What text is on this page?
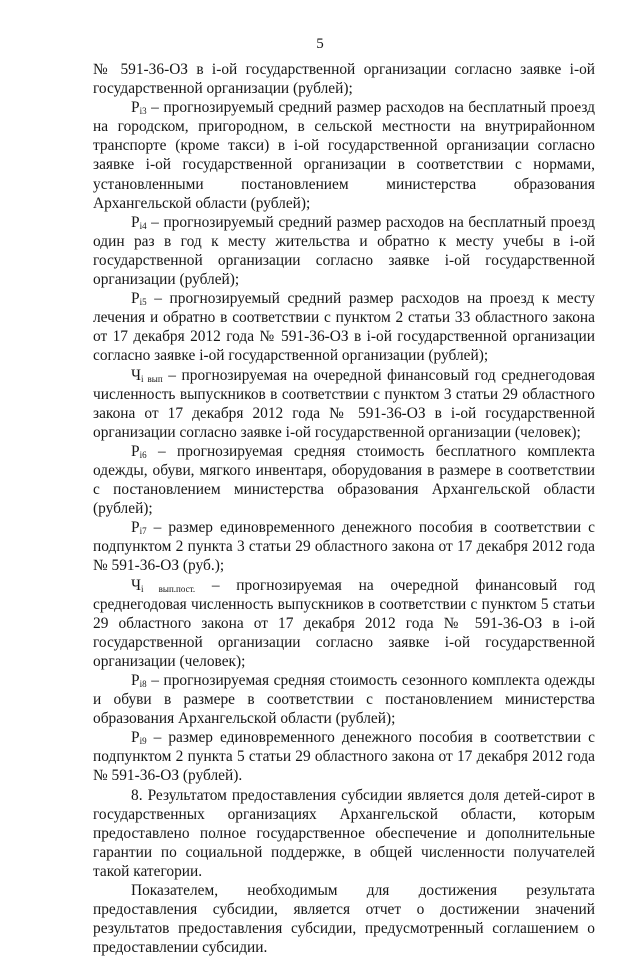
5

№ 591-36-ОЗ в i-ой государственной организации согласно заявке i-ой государственной организации (рублей);

$P_{i3}$ – прогнозируемый средний размер расходов на бесплатный проезд на городском, пригородном, в сельской местности на внутрирайонном транспорте (кроме такси) в i-ой государственной организации согласно заявке i-ой государственной организации в соответствии с нормами, установленными постановлением министерства образования Архангельской области (рублей);

$P_{i4}$ – прогнозируемый средний размер расходов на бесплатный проезд один раз в год к месту жительства и обратно к месту учебы в i-ой государственной организации согласно заявке i-ой государственной организации (рублей);

$P_{i5}$ – прогнозируемый средний размер расходов на проезд к месту лечения и обратно в соответствии с пунктом 2 статьи 33 областного закона от 17 декабря 2012 года № 591-36-ОЗ в i-ой государственной организации согласно заявке i-ой государственной организации (рублей);

$Ч_{i вып}$ – прогнозируемая на очередной финансовый год среднегодовая численность выпускников в соответствии с пунктом 3 статьи 29 областного закона от 17 декабря 2012 года № 591-36-ОЗ в i-ой государственной организации согласно заявке i-ой государственной организации (человек);

$P_{i6}$ – прогнозируемая средняя стоимость бесплатного комплекта одежды, обуви, мягкого инвентаря, оборудования в размере в соответствии с постановлением министерства образования Архангельской области (рублей);

$P_{i7}$ – размер единовременного денежного пособия в соответствии с подпунктом 2 пункта 3 статьи 29 областного закона от 17 декабря 2012 года № 591-36-ОЗ (руб.);

$Ч_{i вып.пост.}$ – прогнозируемая на очередной финансовый год среднегодовая численность выпускников в соответствии с пунктом 5 статьи 29 областного закона от 17 декабря 2012 года № 591-36-ОЗ в i-ой государственной организации согласно заявке i-ой государственной организации (человек);

$P_{i8}$ – прогнозируемая средняя стоимость сезонного комплекта одежды и обуви в размере в соответствии с постановлением министерства образования Архангельской области (рублей);

$P_{i9}$ – размер единовременного денежного пособия в соответствии с подпунктом 2 пункта 5 статьи 29 областного закона от 17 декабря 2012 года № 591-36-ОЗ (рублей).

8. Результатом предоставления субсидии является доля детей-сирот в государственных организациях Архангельской области, которым предоставлено полное государственное обеспечение и дополнительные гарантии по социальной поддержке, в общей численности получателей такой категории.

Показателем, необходимым для достижения результата предоставления субсидии, является отчет о достижении значений результатов предоставления субсидии, предусмотренный соглашением о предоставлении субсидии.
